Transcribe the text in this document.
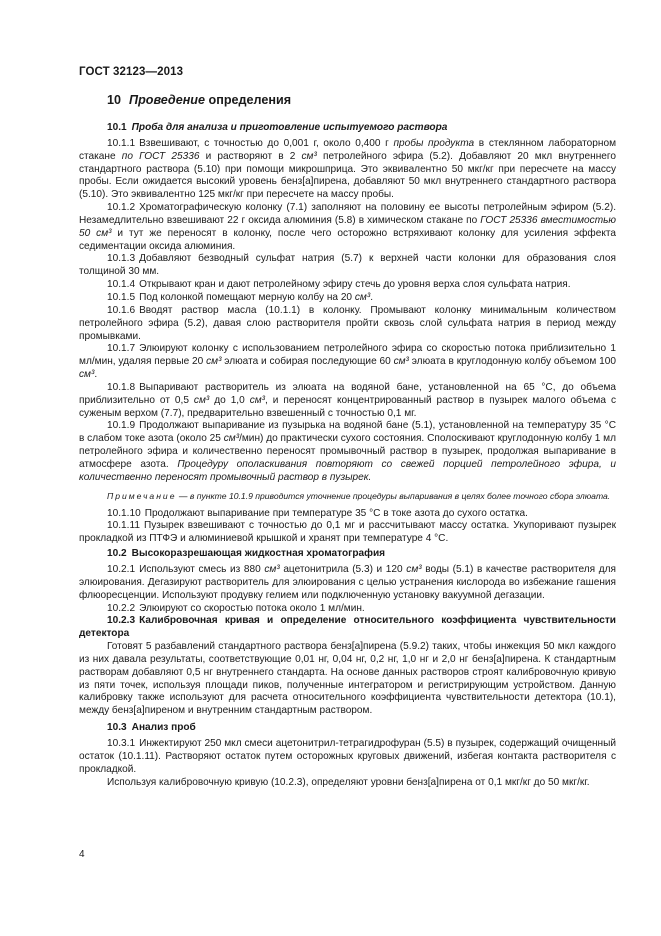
ГОСТ 32123—2013
10 Проведение определения
10.1 Проба для анализа и приготовление испытуемого раствора

10.1.1 Взвешивают, с точностью до 0,001 г, около 0,400 г пробы продукта в стеклянном лабораторном стакане по ГОСТ 25336 и растворяют в 2 см³ петролейного эфира (5.2). Добавляют 20 мкл внутреннего стандартного раствора (5.10) при помощи микрошприца. Это эквивалентно 50 мкг/кг при пересчете на массу пробы. Если ожидается высокий уровень бенз[а]пирена, добавляют 50 мкл внутреннего стандартного раствора (5.10). Это эквивалентно 125 мкг/кг при пересчете на массу пробы.

10.1.2 Хроматографическую колонку (7.1) заполняют на половину ее высоты петролейным эфиром (5.2). Незамедлительно взвешивают 22 г оксида алюминия (5.8) в химическом стакане по ГОСТ 25336 вместимостью 50 см³ и тут же переносят в колонку, после чего осторожно встряхивают колонку для усиления эффекта седиментации оксида алюминия.

10.1.3 Добавляют безводный сульфат натрия (5.7) к верхней части колонки для образования слоя толщиной 30 мм.

10.1.4 Открывают кран и дают петролейному эфиру стечь до уровня верха слоя сульфата натрия.

10.1.5 Под колонкой помещают мерную колбу на 20 см³.

10.1.6 Вводят раствор масла (10.1.1) в колонку. Промывают колонку минимальным количеством петролейного эфира (5.2), давая слою растворителя пройти сквозь слой сульфата натрия в период между промывками.

10.1.7 Элюируют колонку с использованием петролейного эфира со скоростью потока приблизительно 1 мл/мин, удаляя первые 20 см³ элюата и собирая последующие 60 см³ элюата в круглодонную колбу объемом 100 см³.

10.1.8 Выпаривают растворитель из элюата на водяной бане, установленной на 65 °С, до объема приблизительно от 0,5 см³ до 1,0 см³, и переносят концентрированный раствор в пузырек малого объема с суженым верхом (7.7), предварительно взвешенный с точностью 0,1 мг.

10.1.9 Продолжают выпаривание из пузырька на водяной бане (5.1), установленной на температуру 35 °С в слабом токе азота (около 25 см³/мин) до практически сухого состояния. Сполоскивают круглодонную колбу 1 мл петролейного эфира и количественно переносят промывочный раствор в пузырек, продолжая выпаривание в атмосфере азота. Процедуру ополаскивания повторяют со свежей порцией петролейного эфира, и количественно переносят промывочный раствор в пузырек.

Примечание — в пункте 10.1.9 приводится уточнение процедуры выпаривания в целях более точного сбора элюата.

10.1.10 Продолжают выпаривание при температуре 35 °С в токе азота до сухого остатка.

10.1.11 Пузырек взвешивают с точностью до 0,1 мг и рассчитывают массу остатка. Укупоривают пузырек прокладкой из ПТФЭ и алюминиевой крышкой и хранят при температуре 4 °С.

10.2 Высокоразрешающая жидкостная хроматография

10.2.1 Используют смесь из 880 см³ ацетонитрила (5.3) и 120 см³ воды (5.1) в качестве растворителя для элюирования. Дегазируют растворитель для элюирования с целью устранения кислорода во избежание гашения флюоресценции. Используют продувку гелием или подключенную установку вакуумной дегазации.

10.2.2 Элюируют со скоростью потока около 1 мл/мин.

10.2.3 Калибровочная кривая и определение относительного коэффициента чувствительности детектора

Готовят 5 разбавлений стандартного раствора бенз[а]пирена (5.9.2) таких, чтобы инжекция 50 мкл каждого из них давала результаты, соответствующие 0,01 нг, 0,04 нг, 0,2 нг, 1,0 нг и 2,0 нг бенз[а]пирена. К стандартным растворам добавляют 0,5 нг внутреннего стандарта. На основе данных растворов строят калибровочную кривую из пяти точек, используя площади пиков, полученные интегратором и регистрирующим устройством. Данную калибровку также используют для расчета относительного коэффициента чувствительности детектора (10.1), между бенз[а]пиреном и внутренним стандартным раствором.

10.3 Анализ проб

10.3.1 Инжектируют 250 мкл смеси ацетонитрил-тетрагидрофуран (5.5) в пузырек, содержащий очищенный остаток (10.1.11). Растворяют остаток путем осторожных круговых движений, избегая контакта растворителя с прокладкой.

Используя калибровочную кривую (10.2.3), определяют уровни бенз[а]пирена от 0,1 мкг/кг до 50 мкг/кг.

4
